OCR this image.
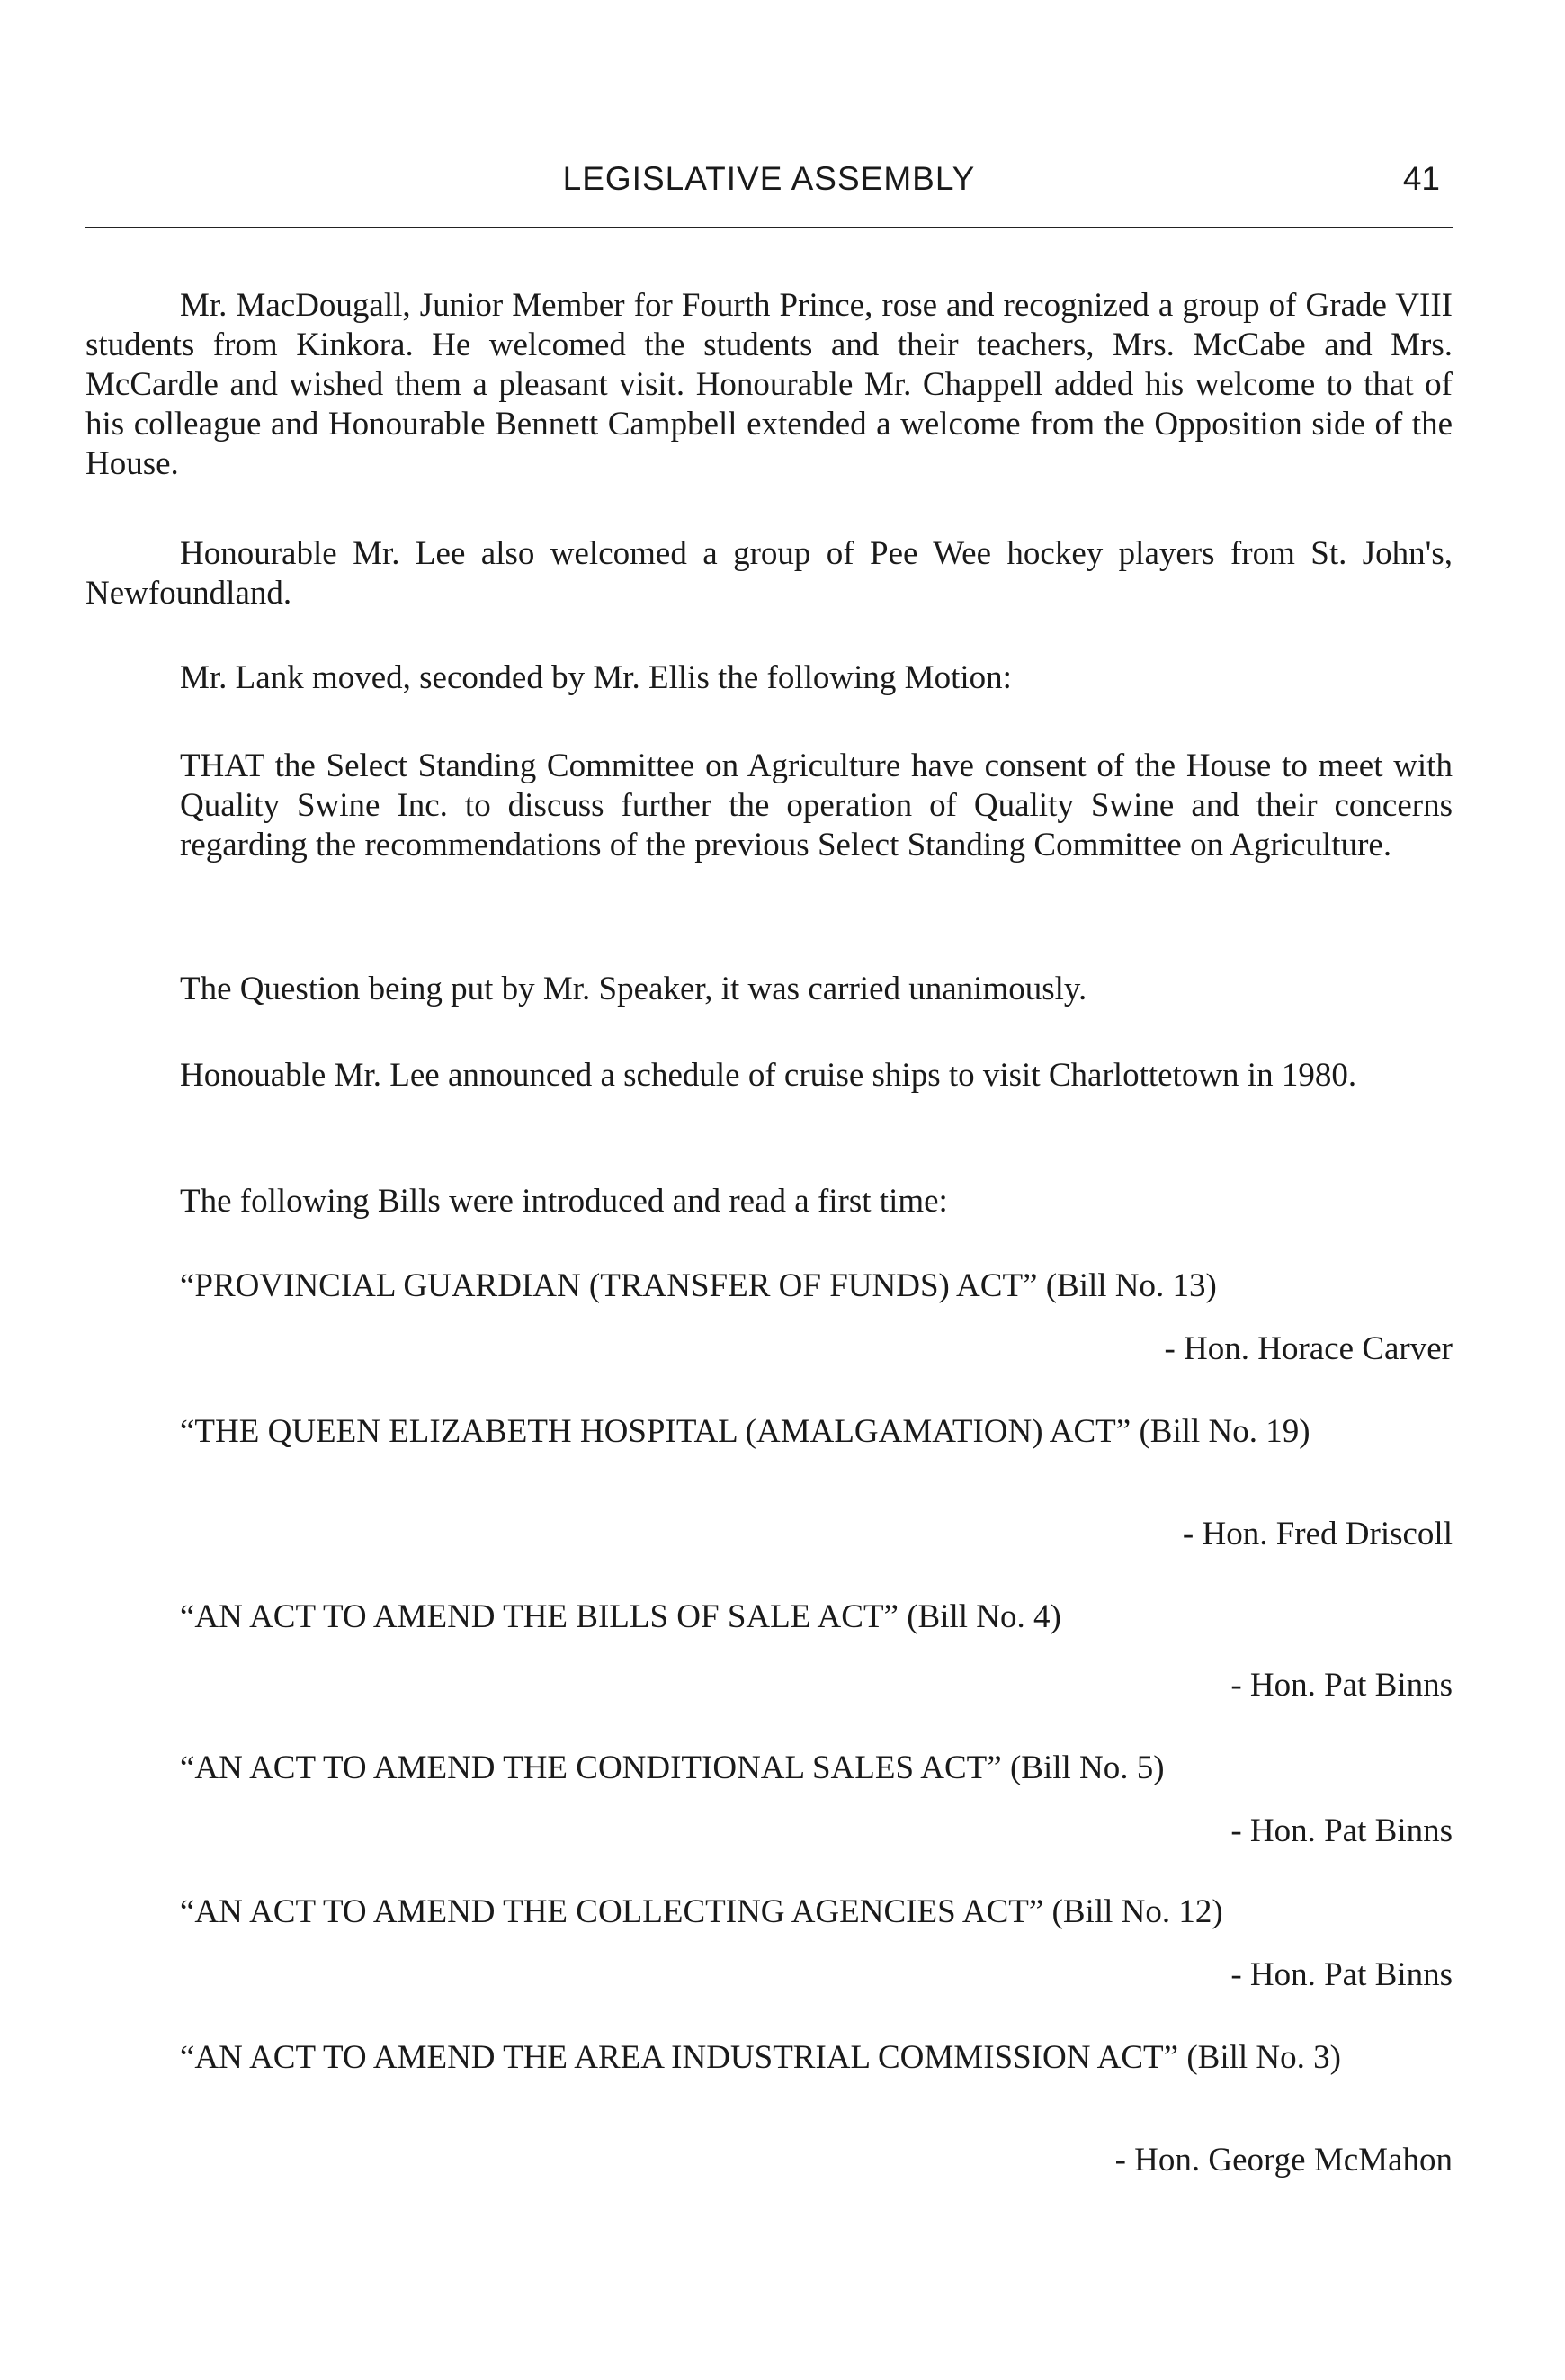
LEGISLATIVE ASSEMBLY	41

Mr. MacDougall, Junior Member for Fourth Prince, rose and recognized a group of Grade VIII students from Kinkora. He welcomed the students and their teachers, Mrs. McCabe and Mrs. McCardle and wished them a pleasant visit. Honourable Mr. Chappell added his welcome to that of his colleague and Honourable Bennett Campbell extended a welcome from the Opposition side of the House.

Honourable Mr. Lee also welcomed a group of Pee Wee hockey players from St. John's, Newfoundland.

Mr. Lank moved, seconded by Mr. Ellis the following Motion:

THAT the Select Standing Committee on Agriculture have consent of the House to meet with Quality Swine Inc. to discuss further the operation of Quality Swine and their concerns regarding the recommendations of the previous Select Standing Committee on Agriculture.

The Question being put by Mr. Speaker, it was carried unanimously.

Honouable Mr. Lee announced a schedule of cruise ships to visit Charlottetown in 1980.

The following Bills were introduced and read a first time:

“PROVINCIAL GUARDIAN (TRANSFER OF FUNDS) ACT” (Bill No. 13)

- Hon. Horace Carver

“THE QUEEN ELIZABETH HOSPITAL (AMALGAMATION) ACT” (Bill No. 19)

- Hon. Fred Driscoll

“AN ACT TO AMEND THE BILLS OF SALE ACT” (Bill No. 4)

- Hon. Pat Binns

“AN ACT TO AMEND THE CONDITIONAL SALES ACT” (Bill No. 5)

- Hon. Pat Binns

“AN ACT TO AMEND THE COLLECTING AGENCIES ACT” (Bill No. 12)

- Hon. Pat Binns

“AN ACT TO AMEND THE AREA INDUSTRIAL COMMISSION ACT” (Bill No. 3)

- Hon. George McMahon
